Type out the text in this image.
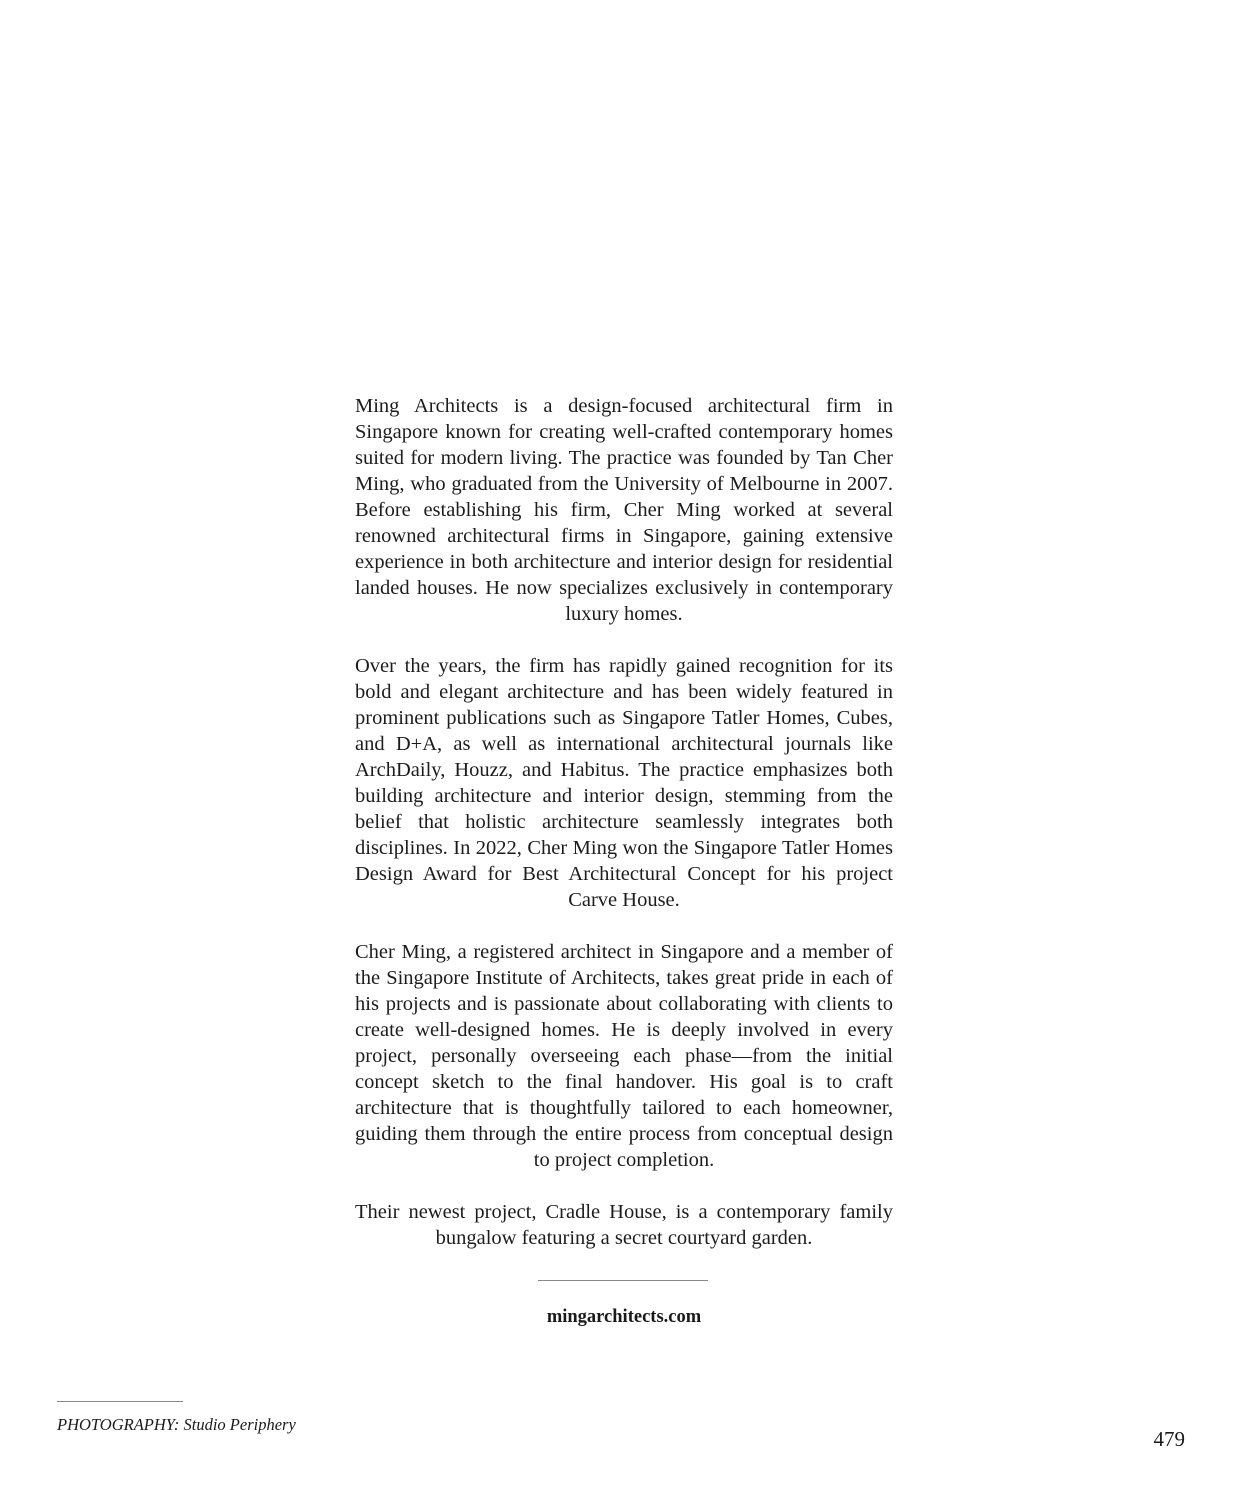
Ming Architects is a design-focused architectural firm in Singapore known for creating well-crafted contemporary homes suited for modern living. The practice was founded by Tan Cher Ming, who graduated from the University of Melbourne in 2007. Before establishing his firm, Cher Ming worked at several renowned architectural firms in Singapore, gaining extensive experience in both architecture and interior design for residential landed houses. He now specializes exclusively in contemporary luxury homes.

Over the years, the firm has rapidly gained recognition for its bold and elegant architecture and has been widely featured in prominent publications such as Singapore Tatler Homes, Cubes, and D+A, as well as international architectural journals like ArchDaily, Houzz, and Habitus. The practice emphasizes both building architecture and interior design, stemming from the belief that holistic architecture seamlessly integrates both disciplines. In 2022, Cher Ming won the Singapore Tatler Homes Design Award for Best Architectural Concept for his project Carve House.

Cher Ming, a registered architect in Singapore and a member of the Singapore Institute of Architects, takes great pride in each of his projects and is passionate about collaborating with clients to create well-designed homes. He is deeply involved in every project, personally overseeing each phase—from the initial concept sketch to the final handover. His goal is to craft architecture that is thoughtfully tailored to each homeowner, guiding them through the entire process from conceptual design to project completion.

Their newest project, Cradle House, is a contemporary family bungalow featuring a secret courtyard garden.

mingarchitects.com
PHOTOGRAPHY: Studio Periphery
479
